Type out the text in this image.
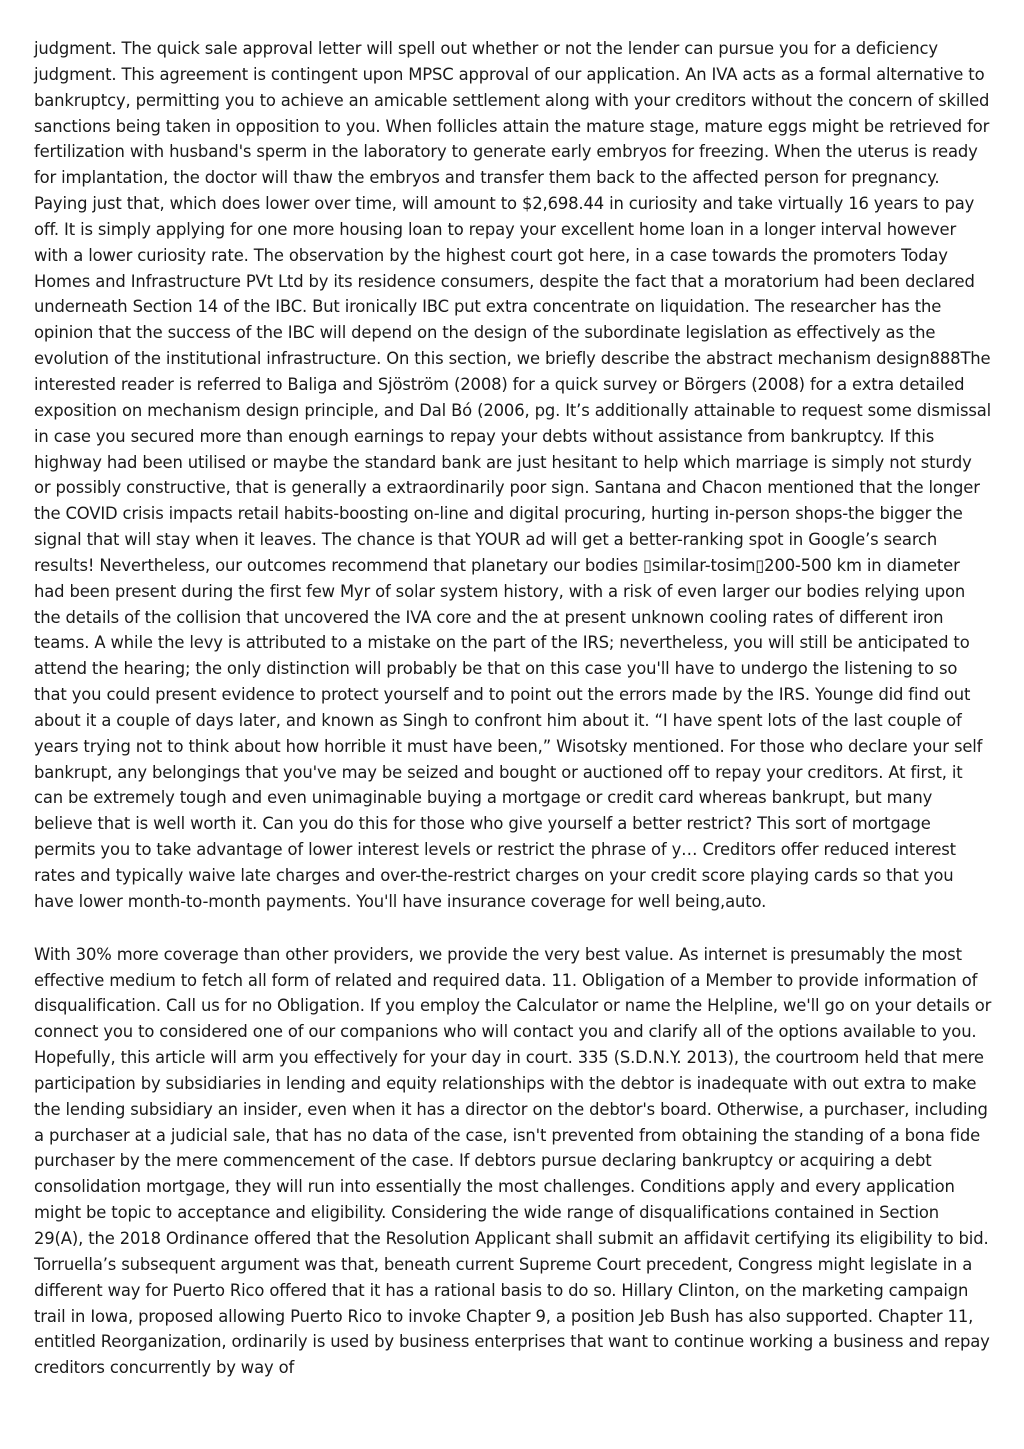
judgment. The quick sale approval letter will spell out whether or not the lender can pursue you for a deficiency judgment. This agreement is contingent upon MPSC approval of our application. An IVA acts as a formal alternative to bankruptcy, permitting you to achieve an amicable settlement along with your creditors without the concern of skilled sanctions being taken in opposition to you. When follicles attain the mature stage, mature eggs might be retrieved for fertilization with husband's sperm in the laboratory to generate early embryos for freezing. When the uterus is ready for implantation, the doctor will thaw the embryos and transfer them back to the affected person for pregnancy. Paying just that, which does lower over time, will amount to $2,698.44 in curiosity and take virtually 16 years to pay off. It is simply applying for one more housing loan to repay your excellent home loan in a longer interval however with a lower curiosity rate. The observation by the highest court got here, in a case towards the promoters Today Homes and Infrastructure PVt Ltd by its residence consumers, despite the fact that a moratorium had been declared underneath Section 14 of the IBC. But ironically IBC put extra concentrate on liquidation. The researcher has the opinion that the success of the IBC will depend on the design of the subordinate legislation as effectively as the evolution of the institutional infrastructure. On this section, we briefly describe the abstract mechanism design888The interested reader is referred to Baliga and Sjöström (2008) for a quick survey or Börgers (2008) for a extra detailed exposition on mechanism design principle, and Dal Bó (2006, pg. It’s additionally attainable to request some dismissal in case you secured more than enough earnings to repay your debts without assistance from bankruptcy. If this highway had been utilised or maybe the standard bank are just hesitant to help which marriage is simply not sturdy or possibly constructive, that is generally a extraordinarily poor sign. Santana and Chacon mentioned that the longer the COVID crisis impacts retail habits-boosting on-line and digital procuring, hurting in-person shops-the bigger the signal that will stay when it leaves. The chance is that YOUR ad will get a better-ranking spot in Google’s search results! Nevertheless, our outcomes recommend that planetary our bodies ▯similar-tosim▯200-500 km in diameter had been present during the first few Myr of solar system history, with a risk of even larger our bodies relying upon the details of the collision that uncovered the IVA core and the at present unknown cooling rates of different iron teams. A while the levy is attributed to a mistake on the part of the IRS; nevertheless, you will still be anticipated to attend the hearing; the only distinction will probably be that on this case you'll have to undergo the listening to so that you could present evidence to protect yourself and to point out the errors made by the IRS. Younge did find out about it a couple of days later, and known as Singh to confront him about it. “I have spent lots of the last couple of years trying not to think about how horrible it must have been,” Wisotsky mentioned. For those who declare your self bankrupt, any belongings that you've may be seized and bought or auctioned off to repay your creditors. At first, it can be extremely tough and even unimaginable buying a mortgage or credit card whereas bankrupt, but many believe that is well worth it. Can you do this for those who give yourself a better restrict? This sort of mortgage permits you to take advantage of lower interest levels or restrict the phrase of y… Creditors offer reduced interest rates and typically waive late charges and over-the-restrict charges on your credit score playing cards so that you have lower month-to-month payments. You'll have insurance coverage for well being,auto.

With 30% more coverage than other providers, we provide the very best value. As internet is presumably the most effective medium to fetch all form of related and required data. 11. Obligation of a Member to provide information of disqualification. Call us for no Obligation. If you employ the Calculator or name the Helpline, we'll go on your details or connect you to considered one of our companions who will contact you and clarify all of the options available to you. Hopefully, this article will arm you effectively for your day in court. 335 (S.D.N.Y. 2013), the courtroom held that mere participation by subsidiaries in lending and equity relationships with the debtor is inadequate with out extra to make the lending subsidiary an insider, even when it has a director on the debtor's board. Otherwise, a purchaser, including a purchaser at a judicial sale, that has no data of the case, isn't prevented from obtaining the standing of a bona fide purchaser by the mere commencement of the case. If debtors pursue declaring bankruptcy or acquiring a debt consolidation mortgage, they will run into essentially the most challenges. Conditions apply and every application might be topic to acceptance and eligibility. Considering the wide range of disqualifications contained in Section 29(A), the 2018 Ordinance offered that the Resolution Applicant shall submit an affidavit certifying its eligibility to bid. Torruella’s subsequent argument was that, beneath current Supreme Court precedent, Congress might legislate in a different way for Puerto Rico offered that it has a rational basis to do so. Hillary Clinton, on the marketing campaign trail in Iowa, proposed allowing Puerto Rico to invoke Chapter 9, a position Jeb Bush has also supported. Chapter 11, entitled Reorganization, ordinarily is used by business enterprises that want to continue working a business and repay creditors concurrently by way of
